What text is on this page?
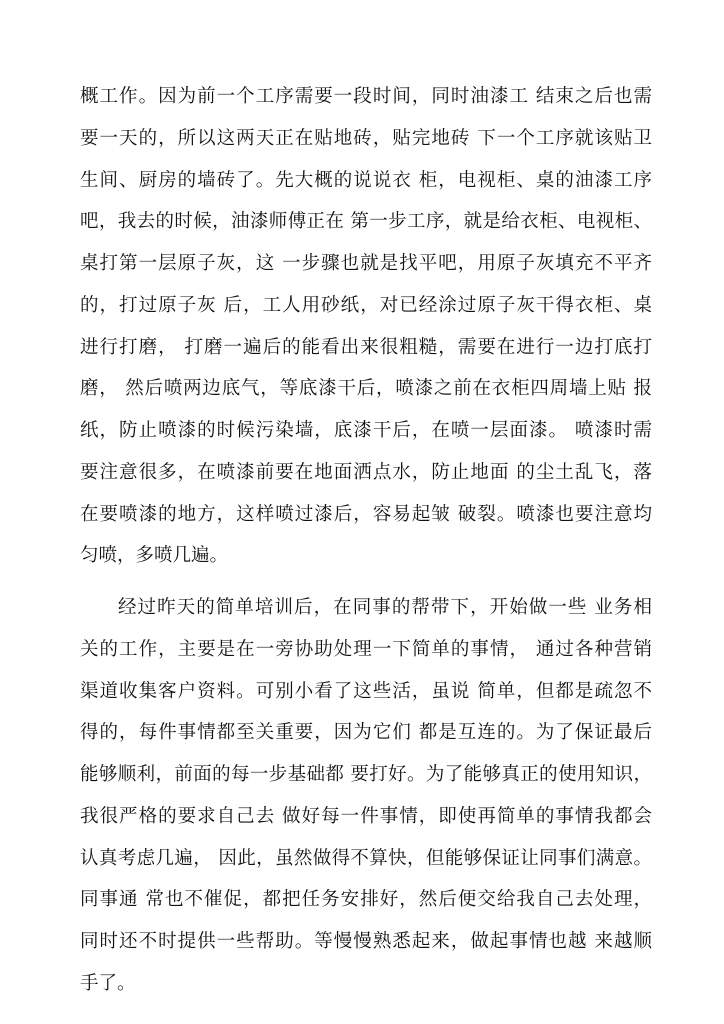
概工作。因为前一个工序需要一段时间，同时油漆工 结束之后也需
要一天的，所以这两天正在贴地砖，贴完地砖 下一个工序就该贴卫
生间、厨房的墙砖了。先大概的说说衣 柜，电视柜、桌的油漆工序
吧，我去的时候，油漆师傅正在 第一步工序，就是给衣柜、电视柜、
桌打第一层原子灰，这 一步骤也就是找平吧，用原子灰填充不平齐
的，打过原子灰 后，工人用砂纸，对已经涂过原子灰干得衣柜、桌
进行打磨， 打磨一遍后的能看出来很粗糙，需要在进行一边打底打
磨， 然后喷两边底气，等底漆干后，喷漆之前在衣柜四周墙上贴 报
纸，防止喷漆的时候污染墙，底漆干后，在喷一层面漆。 喷漆时需
要注意很多，在喷漆前要在地面洒点水，防止地面 的尘土乱飞，落
在要喷漆的地方，这样喷过漆后，容易起皱 破裂。喷漆也要注意均
匀喷，多喷几遍。
经过昨天的简单培训后，在同事的帮带下，开始做一些 业务相
关的工作，主要是在一旁协助处理一下简单的事情， 通过各种营销
渠道收集客户资料。可别小看了这些活，虽说 简单，但都是疏忽不
得的，每件事情都至关重要，因为它们 都是互连的。为了保证最后
能够顺利，前面的每一步基础都 要打好。为了能够真正的使用知识，
我很严格的要求自己去 做好每一件事情，即使再简单的事情我都会
认真考虑几遍， 因此，虽然做得不算快，但能够保证让同事们满意。
同事通 常也不催促，都把任务安排好，然后便交给我自己去处理，
同时还不时提供一些帮助。等慢慢熟悉起来，做起事情也越 来越顺
手了。
